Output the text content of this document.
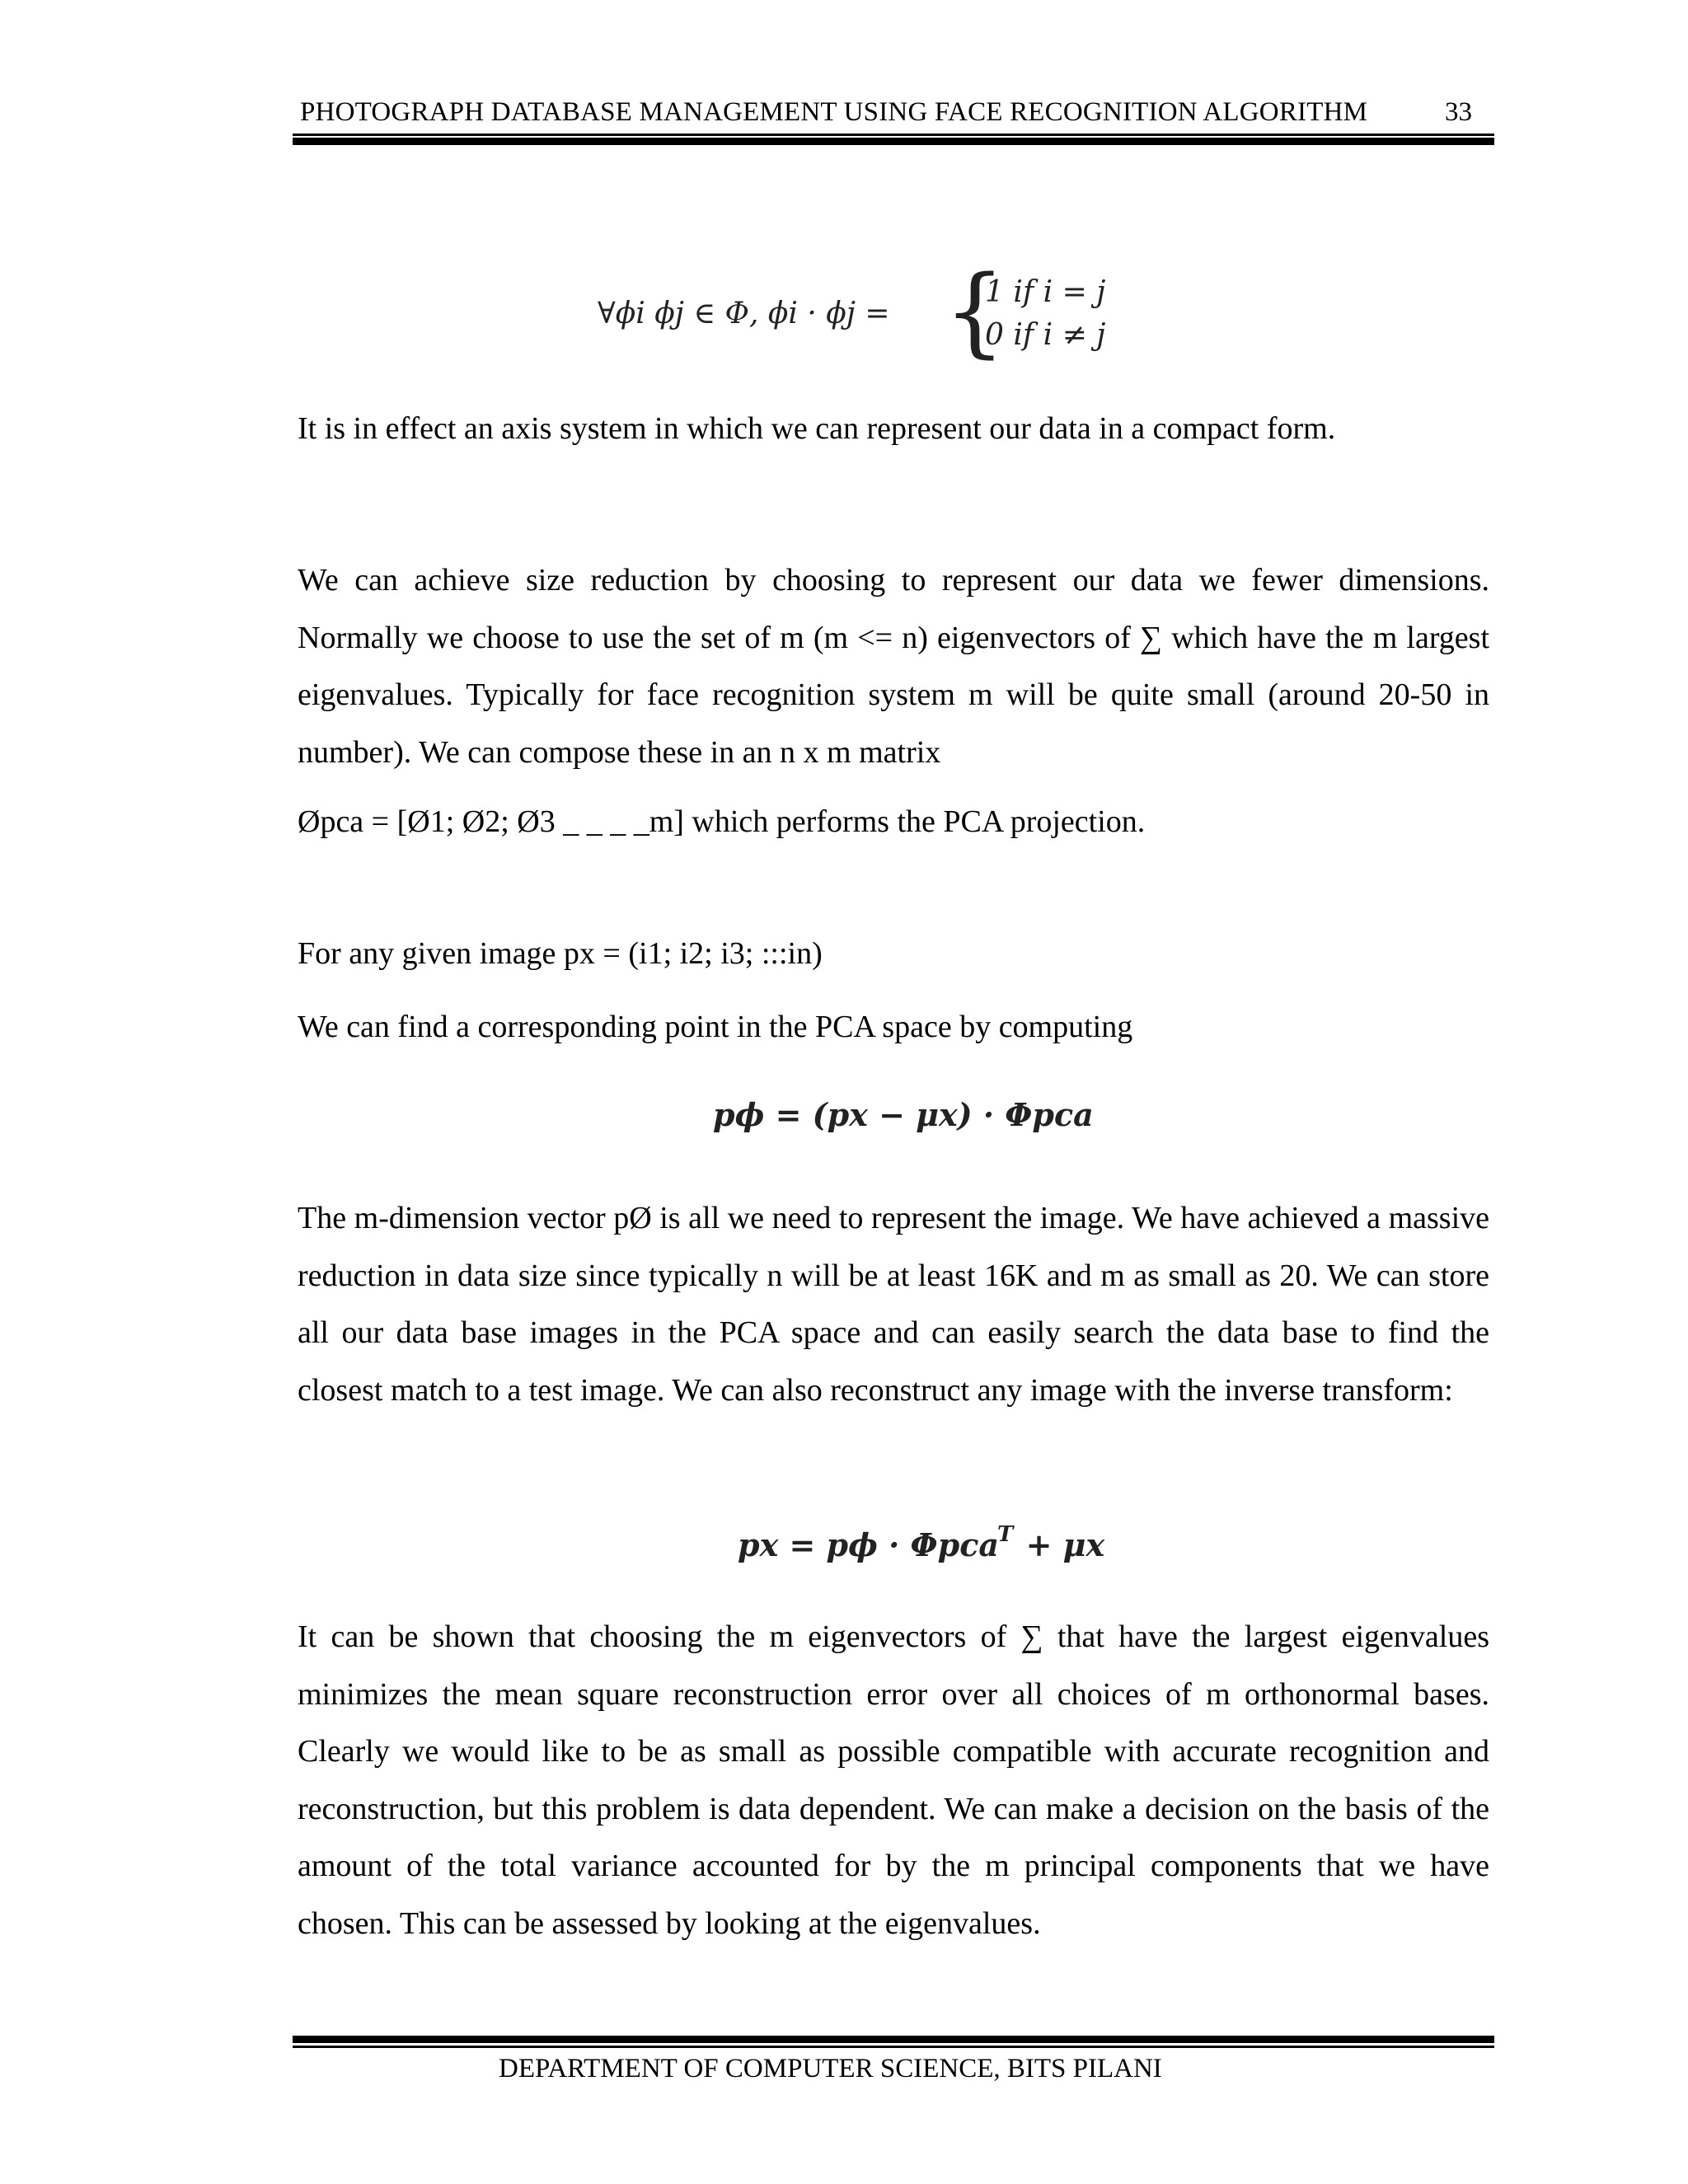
PHOTOGRAPH DATABASE MANAGEMENT USING FACE RECOGNITION ALGORITHM	33
∀ϕi ϕj ∈ Φ, ϕi · ϕj = {
1 if i = j
0 if i ≠ j

It is in effect an axis system in which we can represent our data in a compact form.

We can achieve size reduction by choosing to represent our data we fewer dimensions. Normally we choose to use the set of m (m <= n) eigenvectors of ∑ which have the m largest eigenvalues. Typically for face recognition system m will be quite small (around 20-50 in number). We can compose these in an n x m matrix

Øpca = [Ø1; Ø2; Ø3 _ _ _ _m] which performs the PCA projection.

For any given image px = (i1; i2; i3; :::in)

We can find a corresponding point in the PCA space by computing

pϕ = (px − μx) · Φpca

The m-dimension vector pØ is all we need to represent the image. We have achieved a massive reduction in data size since typically n will be at least 16K and m as small as 20. We can store all our data base images in the PCA space and can easily search the data base to find the closest match to a test image. We can also reconstruct any image with the inverse transform:

px = pϕ · Φpca$^T$ + μx

It can be shown that choosing the m eigenvectors of ∑ that have the largest eigenvalues minimizes the mean square reconstruction error over all choices of m orthonormal bases. Clearly we would like to be as small as possible compatible with accurate recognition and reconstruction, but this problem is data dependent. We can make a decision on the basis of the amount of the total variance accounted for by the m principal components that we have chosen. This can be assessed by looking at the eigenvalues.

DEPARTMENT OF COMPUTER SCIENCE, BITS PILANI
